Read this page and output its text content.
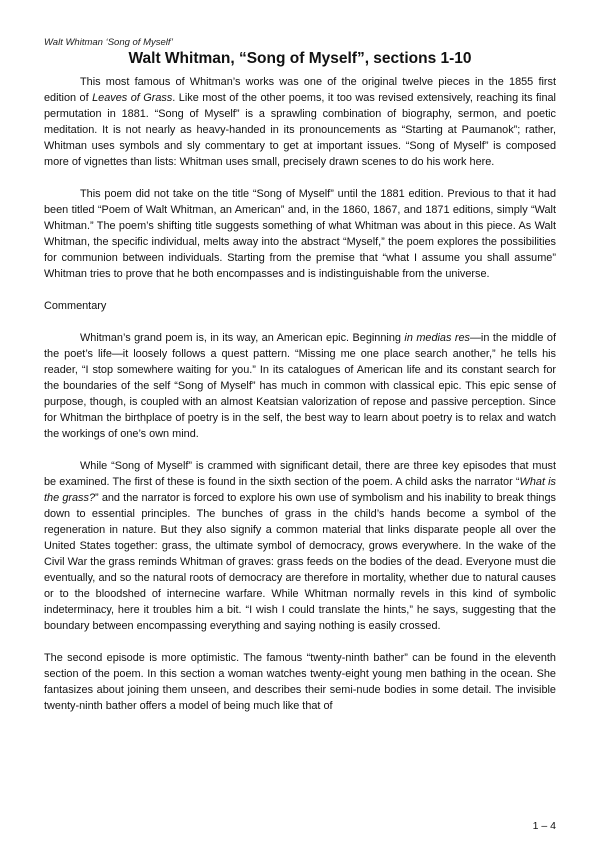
Walt Whitman ‘Song of Myself’
Walt Whitman, “Song of Myself”, sections 1-10

This most famous of Whitman’s works was one of the original twelve pieces in the 1855 first edition of Leaves of Grass. Like most of the other poems, it too was revised extensively, reaching its final permutation in 1881. “Song of Myself” is a sprawling combination of biography, sermon, and poetic meditation. It is not nearly as heavy-handed in its pronouncements as “Starting at Paumanok”; rather, Whitman uses symbols and sly commentary to get at important issues. “Song of Myself” is composed more of vignettes than lists: Whitman uses small, precisely drawn scenes to do his work here.

This poem did not take on the title “Song of Myself” until the 1881 edition. Previous to that it had been titled “Poem of Walt Whitman, an American” and, in the 1860, 1867, and 1871 editions, simply “Walt Whitman.” The poem’s shifting title suggests something of what Whitman was about in this piece. As Walt Whitman, the specific individual, melts away into the abstract “Myself,” the poem explores the possibilities for communion between individuals. Starting from the premise that “what I assume you shall assume” Whitman tries to prove that he both encompasses and is indistinguishable from the universe.

Commentary

Whitman’s grand poem is, in its way, an American epic. Beginning in medias res—in the middle of the poet’s life—it loosely follows a quest pattern. “Missing me one place search another,” he tells his reader, “I stop somewhere waiting for you.” In its catalogues of American life and its constant search for the boundaries of the self “Song of Myself” has much in common with classical epic. This epic sense of purpose, though, is coupled with an almost Keatsian valorization of repose and passive perception. Since for Whitman the birthplace of poetry is in the self, the best way to learn about poetry is to relax and watch the workings of one’s own mind.

While “Song of Myself” is crammed with significant detail, there are three key episodes that must be examined. The first of these is found in the sixth section of the poem. A child asks the narrator “What is the grass?” and the narrator is forced to explore his own use of symbolism and his inability to break things down to essential principles. The bunches of grass in the child’s hands become a symbol of the regeneration in nature. But they also signify a common material that links disparate people all over the United States together: grass, the ultimate symbol of democracy, grows everywhere. In the wake of the Civil War the grass reminds Whitman of graves: grass feeds on the bodies of the dead. Everyone must die eventually, and so the natural roots of democracy are therefore in mortality, whether due to natural causes or to the bloodshed of internecine warfare. While Whitman normally revels in this kind of symbolic indeterminacy, here it troubles him a bit. “I wish I could translate the hints,” he says, suggesting that the boundary between encompassing everything and saying nothing is easily crossed.

The second episode is more optimistic. The famous “twenty-ninth bather” can be found in the eleventh section of the poem. In this section a woman watches twenty-eight young men bathing in the ocean. She fantasizes about joining them unseen, and describes their semi-nude bodies in some detail. The invisible twenty-ninth bather offers a model of being much like that of

1 – 4
